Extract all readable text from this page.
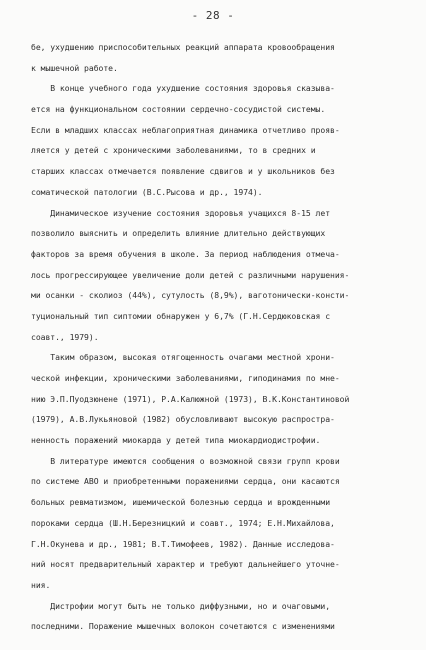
- 28 -
бе, ухудшению приспособительных реакций аппарата кровообращения
к мышечной работе.
В конце учебного года ухудшение состояния здоровья сказыва-
ется на функциональном состоянии сердечно-сосудистой системы.
Если в младших классах неблагоприятная динамика отчетливо прояв-
ляется у детей с хроническими заболеваниями, то в средних и
старших классах отмечается появление сдвигов и у школьников без
соматической патологии (В.С.Рысова и др., 1974).
Динамическое изучение состояния здоровья учащихся 8-15 лет
позволило выяснить и определить влияние длительно действующих
факторов за время обучения в школе. За период наблюдения отмеча-
лось прогрессирующее увеличение доли детей с различными нарушения-
ми осанки - сколиоз (44%), сутулость (8,9%), ваготонически-консти-
туциональный тип сиптомии обнаружен у 6,7% (Г.Н.Сердюковская с
соавт., 1979).
Таким образом, высокая отягощенность очагами местной хрони-
ческой инфекции, хроническими заболеваниями, гиподинамия по мне-
нию Э.П.Пуодзюнене (1971), Р.А.Калюжной (1973), В.К.Константиновой
(1979), А.В.Лукьяновой (1982) обусловливают высокую распростра-
ненность поражений миокарда у детей типа миокардиодистрофии.
В литературе имеются сообщения о возможной связи групп крови
по системе АВО и приобретенными поражениями сердца, они касаются
больных ревматизмом, ишемической болезнью сердца и врожденными
пороками сердца (Ш.Н.Березницкий и соавт., 1974; Е.Н.Михайлова,
Г.Н.Окуневa и др., 1981; В.Т.Тимофеев, 1982). Данные исследова-
ний носят предварительный характер и требуют дальнейшего уточне-
ния.
Дистрофии могут быть не только диффузными, но и очаговыми,
последними. Поражение мышечных волокон сочетаются с изменениями
